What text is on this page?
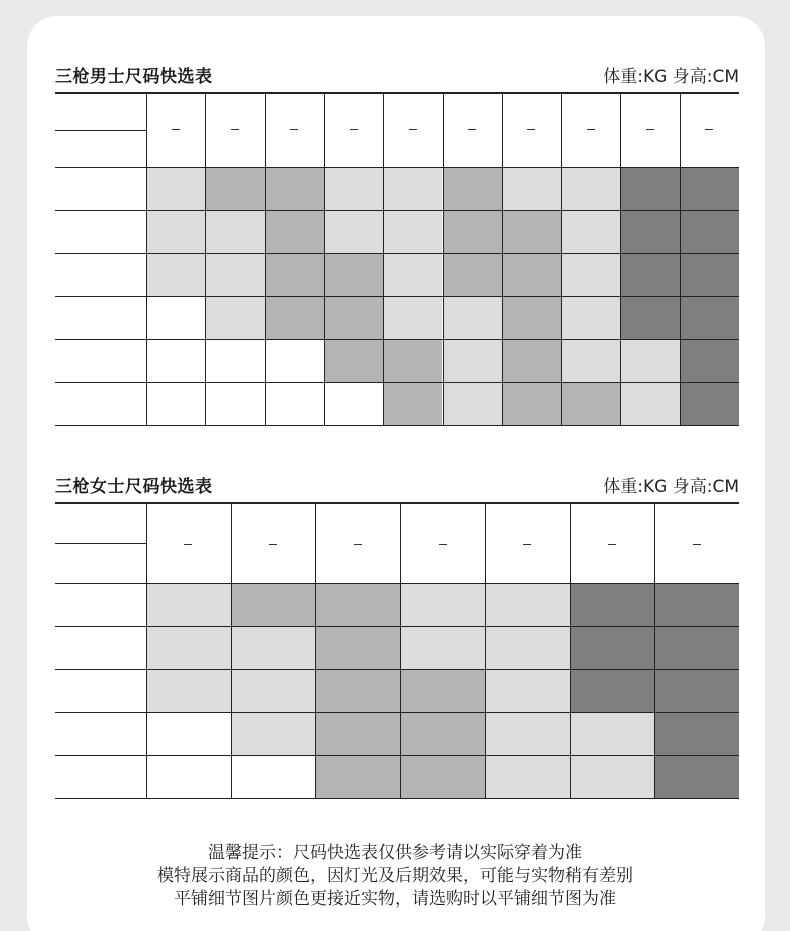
三枪男士尺码快选表	体重:KG 身高:CM
三枪女士尺码快选表	体重:KG 身高:CM
温馨提示：尺码快选表仅供参考请以实际穿着为准
模特展示商品的颜色，因灯光及后期效果，可能与实物稍有差别
平铺细节图片颜色更接近实物，请选购时以平铺细节图为准
